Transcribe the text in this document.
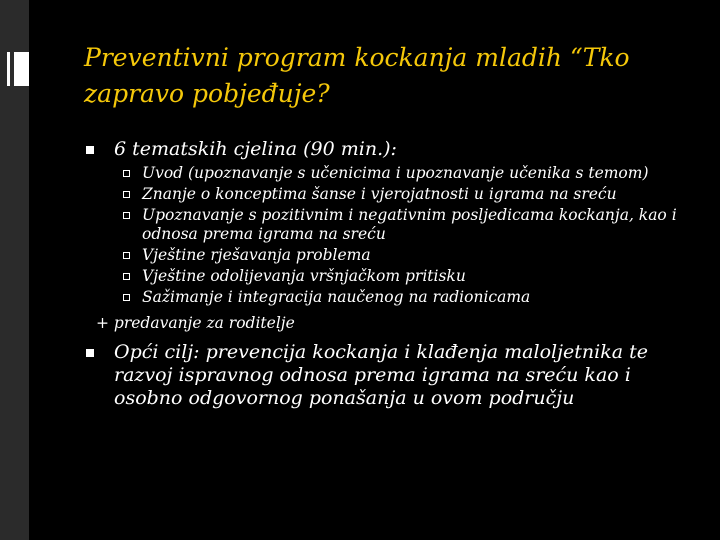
Preventivni program kockanja mladih “Tko zapravo pobjeđuje?
6 tematskih cjelina (90 min.):
Uvod (upoznavanje s učenicima i upoznavanje učenika s temom)
Znanje o konceptima šanse i vjerojatnosti u igrama na sreću
Upoznavanje s pozitivnim i negativnim posljedicama kockanja, kao i odnosa prema igrama na sreću
Vještine rješavanja problema
Vještine odolijevanja vršnjačkom pritisku
Sažimanje i integracija naučenog na radionicama
+ predavanje za roditelje
Opći cilj: prevencija kockanja i klađenja maloljetnika te razvoj ispravnog odnosa prema igrama na sreću kao i osobno odgovornog ponašanja u ovom području
